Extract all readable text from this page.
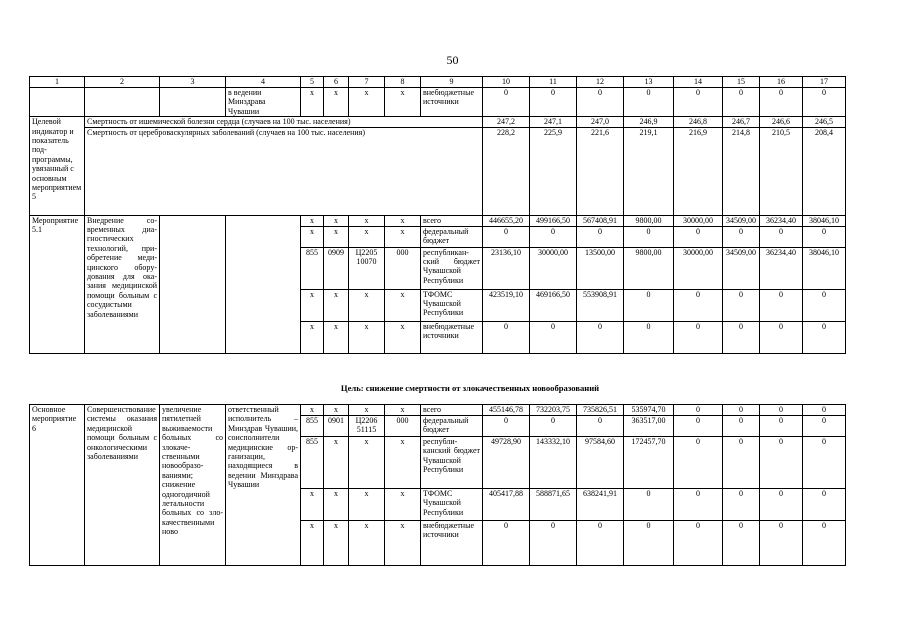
50
1	2	3	4	5	6	7	8	9	10	11	12	13	14	15	16	17
			в ведении Минздрава Чувашии	x	x	x	x	внебюджетные источники	0	0	0	0	0	0	0	0
Целевой индикатор и показатель подпрограммы, увязанный с основным мероприятием 5	Смертность от ишемической болезни сердца (случаев на 100 тыс. населения)								247,2	247,1	247,0	246,9	246,8	246,7	246,6	246,5
	Смертность от цереброваскулярных заболеваний (случаев на 100 тыс. населения)								228,2	225,9	221,6	219,1	216,9	214,8	210,5	208,4
Мероприятие 5.1	Внедрение современных диагностических технологий, приобретение медицинского оборудования для оказания медицинской помощи больным с сосудистыми заболеваниями			x	x	x	x	всего	446655,20	499166,50	567408,91	9800,00	30000,00	34509,00	36234,40	38046,10
				x	x	x	x	федеральный бюджет	0	0	0	0	0	0	0	0
				855	0909	Ц2205 10070	000	республиканский бюджет Чувашской Республики	23136,10	30000,00	13500,00	9800,00	30000,00	34509,00	36234,40	38046,10
				x	x	x	x	ТФОМС Чувашской Республики	423519,10	469166,50	553908,91	0	0	0	0	0
				x	x	x	x	внебюджетные источники	0	0	0	0	0	0	0	0
Цель: снижение смертности от злокачественных новообразований
Основное мероприятие 6	Совершенствование системы оказания медицинской помощи больным с онкологическими заболеваниями	увеличение пятилетней выживаемости больных со злокачественными новообразованиями; снижение одногодичной летальности больных со злокачественными ново	ответственный исполнитель – Минздрав Чувашии, соисполнители медицинские организации, находящиеся в ведении Минздрава Чувашии	x	x	x	x	всего	455146,78	732203,75	735826,51	535974,70	0	0	0	0
				855	0901	Ц2206 51115	000	федеральный бюджет	0	0	0	363517,00	0	0	0	0
				855	x	x	x	республиканский бюджет Чувашской Республики	49728,90	143332,10	97584,60	172457,70	0	0	0	0
				x	x	x	x	ТФОМС Чувашской Республики	405417,88	588871,65	638241,91	0	0	0	0	0
				x	x	x	x	внебюджетные источники	0	0	0	0	0	0	0	0
